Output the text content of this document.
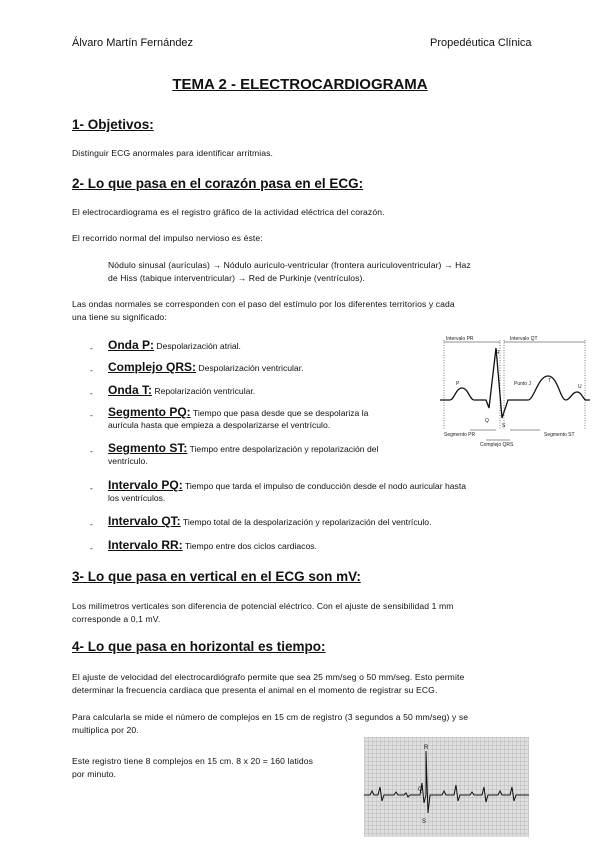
Álvaro Martín Fernández	Propedéutica Clínica
TEMA 2 - ELECTROCARDIOGRAMA
1- Objetivos:
Distinguir ECG anormales para identificar arritmias.
2- Lo que pasa en el corazón pasa en el ECG:
El electrocardiograma es el registro gráfico de la actividad eléctrica del corazón.
El recorrido normal del impulso nervioso es éste:
Nódulo sinusal (aurículas) → Nódulo auriculo-ventricular (frontera auriculoventricular) → Haz
de Hiss (tabique interventricular) → Red de Purkinje (ventrículos).
Las ondas normales se corresponden con el paso del estímulo por los diferentes territorios y cada
una tiene su significado:
- Onda P: Despolarización atrial.
- Complejo QRS: Despolarización ventricular.
- Onda T: Repolarización ventricular.
- Segmento PQ: Tiempo que pasa desde que se despolariza la
aurícula hasta que empieza a despolarizarse el ventrículo.
- Segmento ST: Tiempo entre despolarización y repolarización del
ventrículo.
- Intervalo PQ: Tiempo que tarda el impulso de conducción desde el nodo auricular hasta
los ventrículos.
- Intervalo QT: Tiempo total de la despolarización y repolarización del ventrículo.
- Intervalo RR: Tiempo entre dos ciclos cardiacos.
Intervalo PR	Intervalo QT
P
R
Q
S
T
U
Punto J
Segmento PR	Segmento ST
Complejo QRS
3- Lo que pasa en vertical en el ECG son mV:
Los milímetros verticales son diferencia de potencial eléctrico. Con el ajuste de sensibilidad 1 mm
corresponde a 0,1 mV.
4- Lo que pasa en horizontal es tiempo:
El ajuste de velocidad del electrocardiógrafo permite que sea 25 mm/seg o 50 mm/seg. Esto permite
determinar la frecuencia cardiaca que presenta el animal en el momento de registrar su ECG.
Para calcularla se mide el número de complejos en 15 cm de registro (3 segundos a 50 mm/seg) y se
multiplica por 20.
Este registro tiene 8 complejos en 15 cm. 8 x 20 = 160 latidos
por minuto.
R
Q
S
